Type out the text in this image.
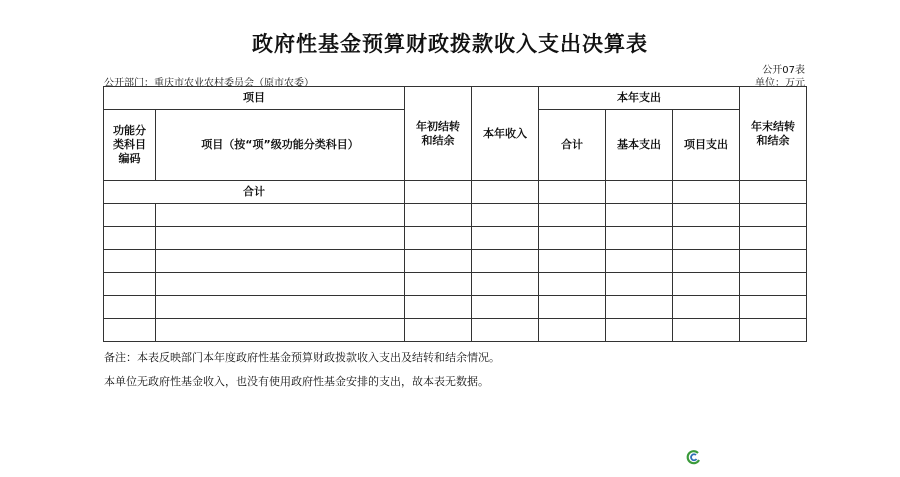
政府性基金预算财政拨款收入支出决算表
公开07表
公开部门：重庆市农业农村委员会（原市农委）	单位：万元
项目		年初结转和结余	本年收入	本年支出			年末结转和结余
功能分类科目编码	项目（按“项”级功能分类科目）			合计	基本支出	项目支出	
合计							

备注：本表反映部门本年度政府性基金预算财政拨款收入支出及结转和结余情况。
本单位无政府性基金收入，也没有使用政府性基金安排的支出，故本表无数据。
